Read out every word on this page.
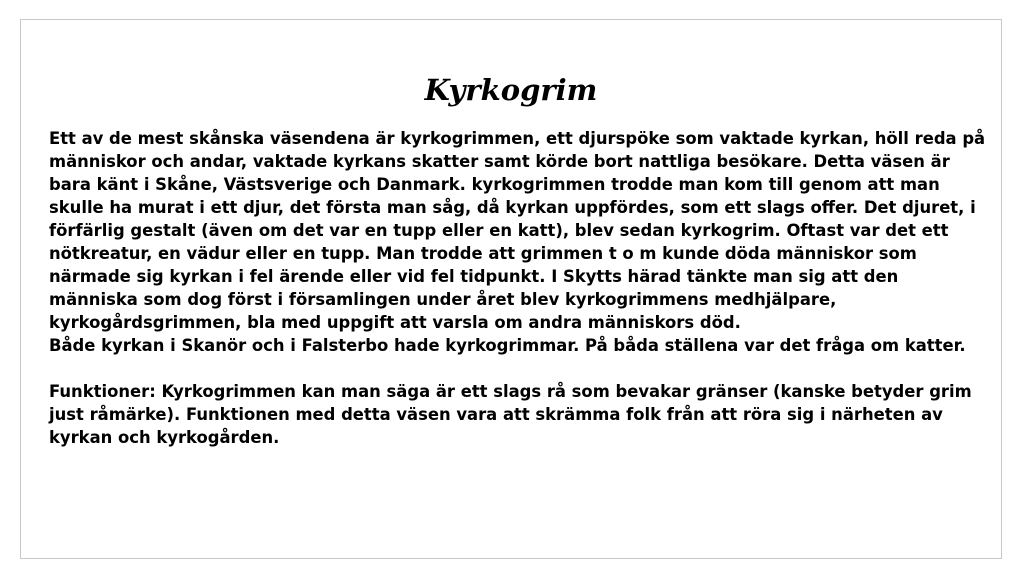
Kyrkogrim

Ett av de mest skånska väsendena är kyrkogrimmen, ett djurspöke som vaktade kyrkan, höll reda på människor och andar, vaktade kyrkans skatter samt körde bort nattliga besökare. Detta väsen är bara känt i Skåne, Västsverige och Danmark. kyrkogrimmen trodde man kom till genom att man skulle ha murat i ett djur, det första man såg, då kyrkan uppfördes, som ett slags offer. Det djuret, i förfärlig gestalt (även om det var en tupp eller en katt), blev sedan kyrkogrim. Oftast var det ett nötkreatur, en vädur eller en tupp. Man trodde att grimmen t o m kunde döda människor som närmade sig kyrkan i fel ärende eller vid fel tidpunkt. I Skytts härad tänkte man sig att den människa som dog först i församlingen under året blev kyrkogrimmens medhjälpare, kyrkogårdsgrimmen, bla med uppgift att varsla om andra människors död.

Både kyrkan i Skanör och i Falsterbo hade kyrkogrimmar. På båda ställena var det fråga om katter.

Funktioner: Kyrkogrimmen kan man säga är ett slags rå som bevakar gränser (kanske betyder grim just råmärke). Funktionen med detta väsen vara att skrämma folk från att röra sig i närheten av kyrkan och kyrkogården.
